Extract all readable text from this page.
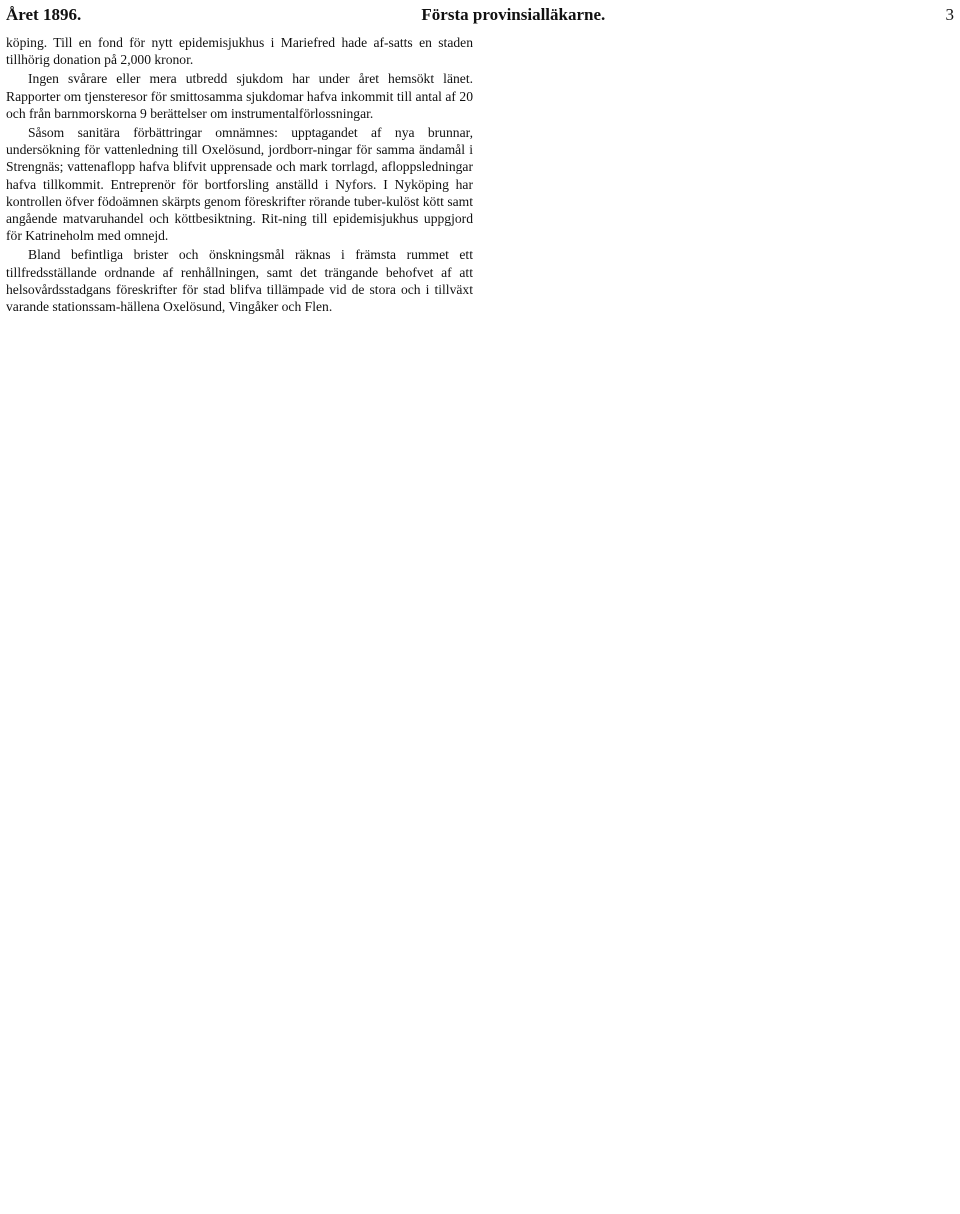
Året 1896.	Första provinsialläkarne.	3

köping. Till en fond för nytt epidemisjukhus i Mariefred hade af-satts en staden tillhörig donation på 2,000 kronor.

Ingen svårare eller mera utbredd sjukdom har under året hemsökt länet. Rapporter om tjensteresor för smittosamma sjukdomar hafva inkommit till antal af 20 och från barnmorskorna 9 berättelser om instrumentalförlossningar.

Såsom sanitära förbättringar omnämnes: upptagandet af nya brunnar, undersökning för vattenledning till Oxelösund, jordborr-ningar för samma ändamål i Strengnäs; vattenaflopp hafva blifvit upprensade och mark torrlagd, afloppsledningar hafva tillkommit. Entreprenör för bortforsling anställd i Nyfors. I Nyköping har kontrollen öfver födoämnen skärpts genom föreskrifter rörande tuber-kulöst kött samt angående matvaruhandel och köttbesiktning. Rit-ning till epidemisjukhus uppgjord för Katrineholm med omnejd.

Bland befintliga brister och önskningsmål räknas i främsta rummet ett tillfredsställande ordnande af renhållningen, samt det trängande behofvet af att helsovårdsstadgans föreskrifter för stad blifva tillämpade vid de stora och i tillväxt varande stationssam-hällena Oxelösund, Vingåker och Flen.
